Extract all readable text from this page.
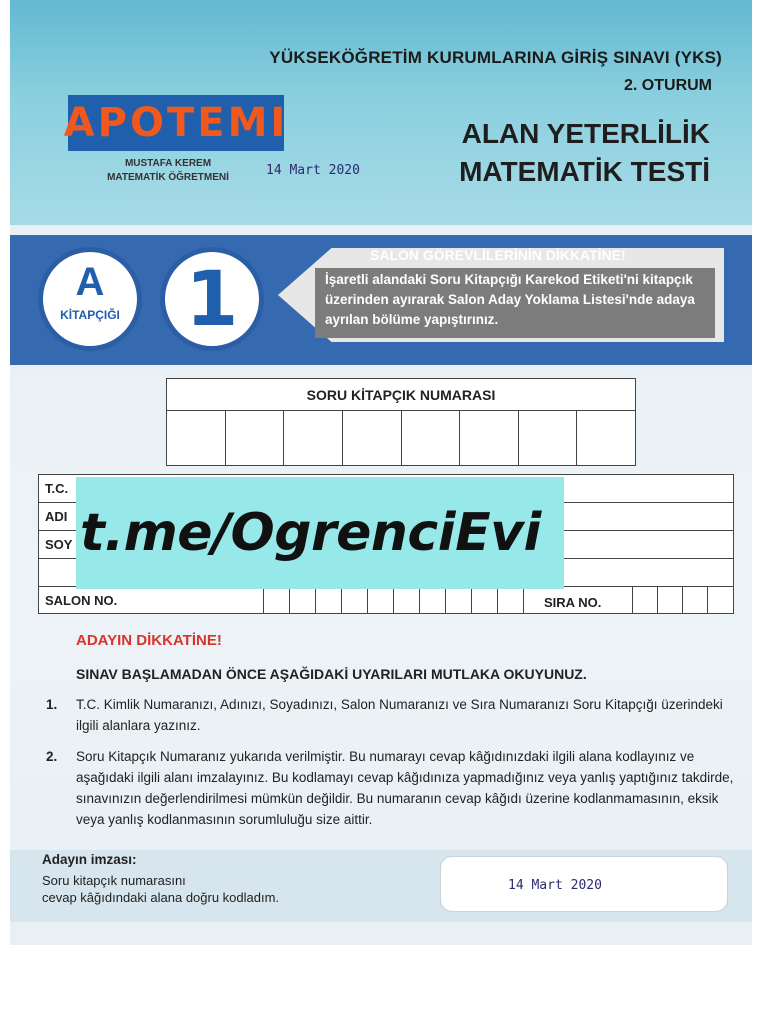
YÜKSEKÖĞRETİM KURUMLARINA GİRİŞ SINAVI (YKS)
2. OTURUM
ALAN YETERLİLİK
MATEMATİK TESTİ
ΑΡΟΤΕΜΙ
MUSTAFA KEREM
MATEMATİK ÖĞRETMENİ	14 Mart 2020
A
KİTAPÇIĞI 1	SALON GÖREVLİLERİNİN DİKKATİNE!
İşaretli alandaki Soru Kitapçığı Karekod Etiketi'ni kitapçık üzerinden ayırarak Salon Aday Yoklama Listesi'nde adaya ayrılan bölüme yapıştırınız.
SORU KİTAPÇIK NUMARASI
T.C.
ADI
SOY
SALON NO.	SIRA NO.
t.me/OgrenciEvi
ADAYIN DİKKATİNE!
SINAV BAŞLAMADAN ÖNCE AŞAĞIDAKİ UYARILARI MUTLAKA OKUYUNUZ.
1. T.C. Kimlik Numaranızı, Adınızı, Soyadınızı, Salon Numaranızı ve Sıra Numaranızı Soru Kitapçığı üzerindeki ilgili alanlara yazınız.
2. Soru Kitapçık Numaranız yukarıda verilmiştir. Bu numarayı cevap kâğıdınızdaki ilgili alana kodlayınız ve aşağıdaki ilgili alanı imzalayınız. Bu kodlamayı cevap kâğıdınıza yapmadığınız veya yanlış yaptığınız takdirde, sınavınızın değerlendirilmesi mümkün değildir. Bu numaranın cevap kâğıdı üzerine kodlanmamasının, eksik veya yanlış kodlanmasının sorumluluğu size aittir.
Adayın imzası:
Soru kitapçık numarasını
cevap kâğıdındaki alana doğru kodladım.
14 Mart 2020
